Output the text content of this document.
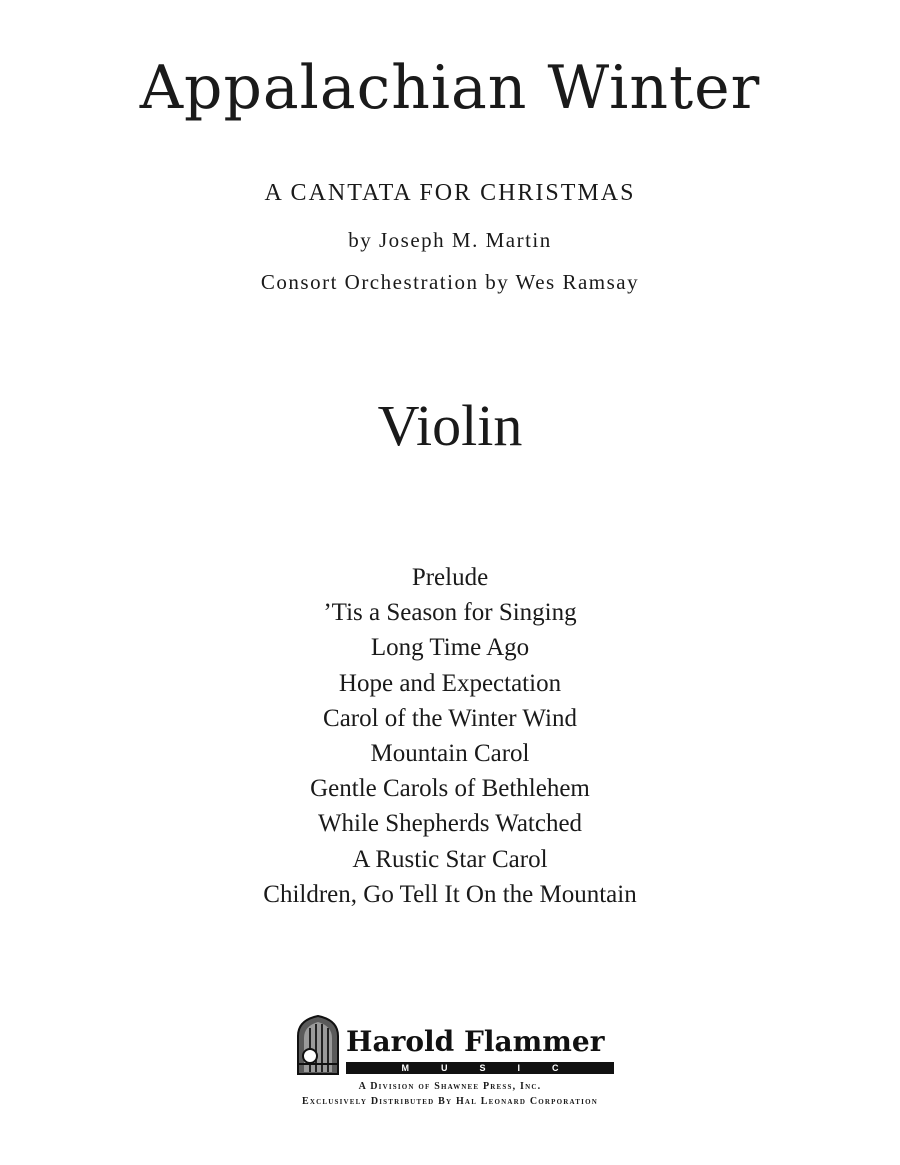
Appalachian Winter
A CANTATA FOR CHRISTMAS
by Joseph M. Martin
Consort Orchestration by Wes Ramsay
Violin
Prelude
’Tis a Season for Singing
Long Time Ago
Hope and Expectation
Carol of the Winter Wind
Mountain Carol
Gentle Carols of Bethlehem
While Shepherds Watched
A Rustic Star Carol
Children, Go Tell It On the Mountain
Harold Flammer
MUSIC
A Division of Shawnee Press, Inc.
Exclusively Distributed By Hal Leonard Corporation
